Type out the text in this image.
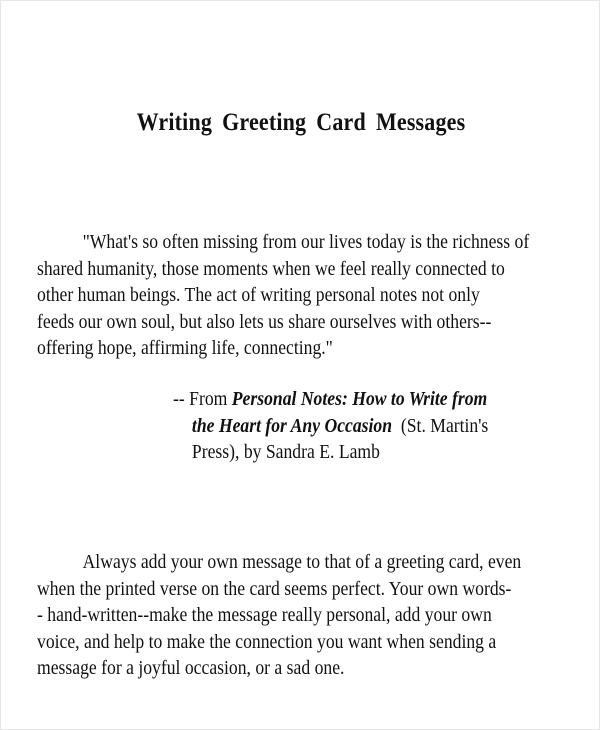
Writing Greeting Card Messages
"What's so often missing from our lives today is the richness of
shared humanity, those moments when we feel really connected to
other human beings. The act of writing personal notes not only
feeds our own soul, but also lets us share ourselves with others--
offering hope, affirming life, connecting."
-- From Personal Notes: How to Write from
the Heart for Any Occasion  (St. Martin's
Press), by Sandra E. Lamb
Always add your own message to that of a greeting card, even
when the printed verse on the card seems perfect. Your own words-
- hand-written--make the message really personal, add your own
voice, and help to make the connection you want when sending a
message for a joyful occasion, or a sad one.
